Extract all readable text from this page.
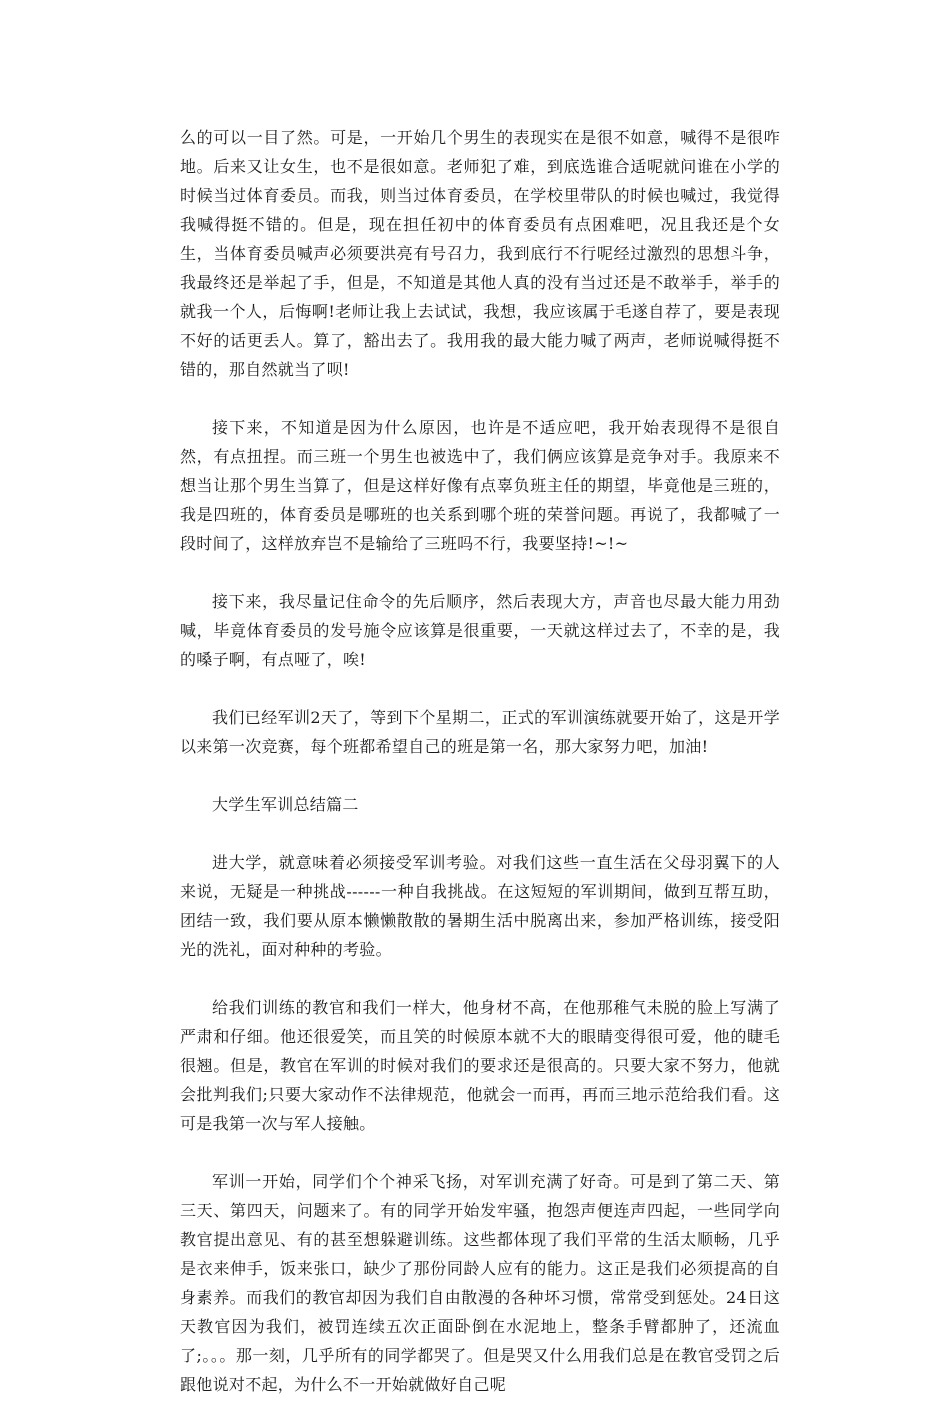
么的可以一目了然。可是，一开始几个男生的表现实在是很不如意，喊得不是很咋地。后来又让女生，也不是很如意。老师犯了难，到底选谁合适呢就问谁在小学的时候当过体育委员。而我，则当过体育委员，在学校里带队的时候也喊过，我觉得我喊得挺不错的。但是，现在担任初中的体育委员有点困难吧，况且我还是个女生，当体育委员喊声必须要洪亮有号召力，我到底行不行呢经过激烈的思想斗争，我最终还是举起了手，但是，不知道是其他人真的没有当过还是不敢举手，举手的就我一个人，后悔啊!老师让我上去试试，我想，我应该属于毛遂自荐了，要是表现不好的话更丢人。算了，豁出去了。我用我的最大能力喊了两声，老师说喊得挺不错的，那自然就当了呗!

接下来，不知道是因为什么原因，也许是不适应吧，我开始表现得不是很自然，有点扭捏。而三班一个男生也被选中了，我们俩应该算是竞争对手。我原来不想当让那个男生当算了，但是这样好像有点辜负班主任的期望，毕竟他是三班的，我是四班的，体育委员是哪班的也关系到哪个班的荣誉问题。再说了，我都喊了一段时间了，这样放弃岂不是输给了三班吗不行，我要坚持!~!~

接下来，我尽量记住命令的先后顺序，然后表现大方，声音也尽最大能力用劲喊，毕竟体育委员的发号施令应该算是很重要，一天就这样过去了，不幸的是，我的嗓子啊，有点哑了，唉!

我们已经军训2天了，等到下个星期二，正式的军训演练就要开始了，这是开学以来第一次竞赛，每个班都希望自己的班是第一名，那大家努力吧，加油!

大学生军训总结篇二

进大学，就意味着必须接受军训考验。对我们这些一直生活在父母羽翼下的人来说，无疑是一种挑战------一种自我挑战。在这短短的军训期间，做到互帮互助，团结一致，我们要从原本懒懒散散的暑期生活中脱离出来，参加严格训练，接受阳光的洗礼，面对种种的考验。

给我们训练的教官和我们一样大，他身材不高，在他那稚气未脱的脸上写满了严肃和仔细。他还很爱笑，而且笑的时候原本就不大的眼睛变得很可爱，他的睫毛很翘。但是，教官在军训的时候对我们的要求还是很高的。只要大家不努力，他就会批判我们;只要大家动作不法律规范，他就会一而再，再而三地示范给我们看。这可是我第一次与军人接触。

军训一开始，同学们个个神采飞扬，对军训充满了好奇。可是到了第二天、第三天、第四天，问题来了。有的同学开始发牢骚，抱怨声便连声四起，一些同学向教官提出意见、有的甚至想躲避训练。这些都体现了我们平常的生活太顺畅，几乎是衣来伸手，饭来张口，缺少了那份同龄人应有的能力。这正是我们必须提高的自身素养。而我们的教官却因为我们自由散漫的各种坏习惯，常常受到惩处。24日这天教官因为我们，被罚连续五次正面卧倒在水泥地上，整条手臂都肿了，还流血了;。。。那一刻，几乎所有的同学都哭了。但是哭又什么用我们总是在教官受罚之后跟他说对不起，为什么不一开始就做好自己呢
